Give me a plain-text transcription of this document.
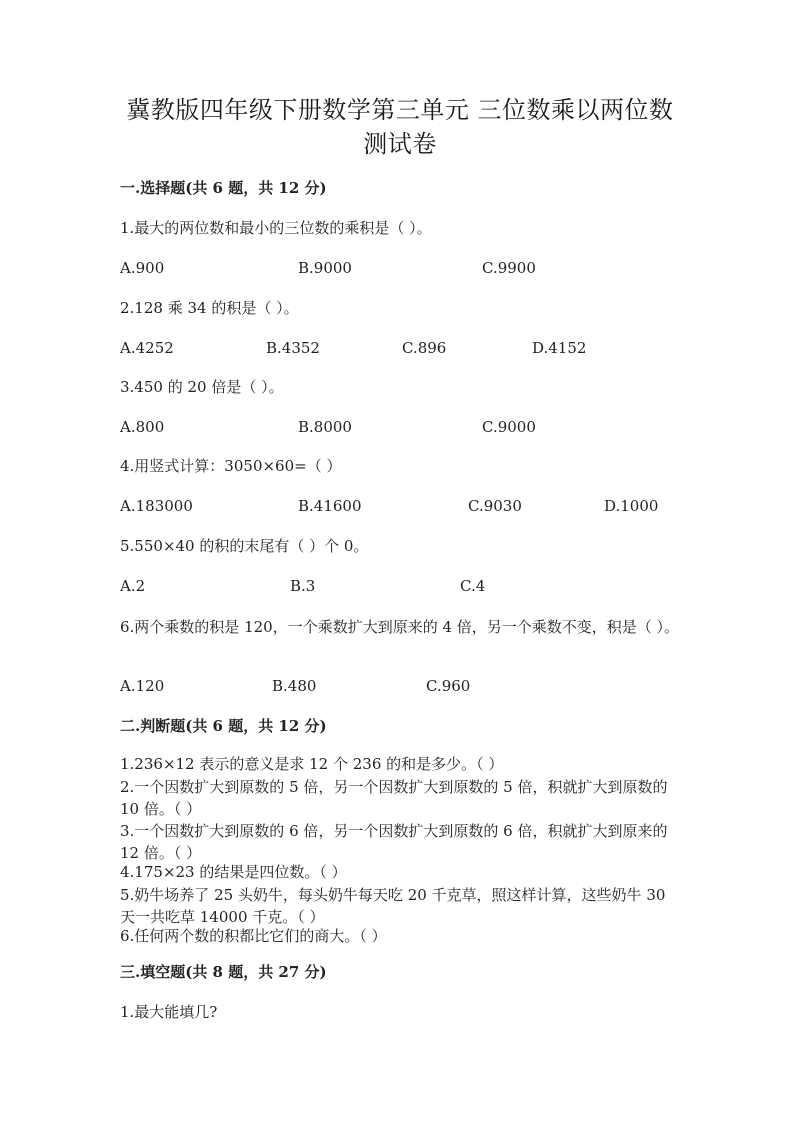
冀教版四年级下册数学第三单元 三位数乘以两位数
测试卷
一.选择题(共 6 题，共 12 分)
1.最大的两位数和最小的三位数的乘积是（ ）。
A.900	B.9000	C.9900
2.128 乘 34 的积是（ ）。
A.4252	B.4352	C.896	D.4152
3.450 的 20 倍是（ ）。
A.800	B.8000	C.9000
4.用竖式计算：3050×60=（ ）
A.183000	B.41600	C.9030	D.1000
5.550×40 的积的末尾有（ ）个 0。
A.2	B.3	C.4
6.两个乘数的积是 120，一个乘数扩大到原来的 4 倍，另一个乘数不变，积是（ ）。
A.120	B.480	C.960
二.判断题(共 6 题，共 12 分)
1.236×12 表示的意义是求 12 个 236 的和是多少。（ ）
2.一个因数扩大到原数的 5 倍，另一个因数扩大到原数的 5 倍，积就扩大到原数的 10 倍。（ ）
3.一个因数扩大到原数的 6 倍，另一个因数扩大到原数的 6 倍，积就扩大到原来的 12 倍。（ ）
4.175×23 的结果是四位数。（ ）
5.奶牛场养了 25 头奶牛，每头奶牛每天吃 20 千克草，照这样计算，这些奶牛 30 天一共吃草 14000 千克。（ ）
6.任何两个数的积都比它们的商大。（ ）
三.填空题(共 8 题，共 27 分)
1.最大能填几?
